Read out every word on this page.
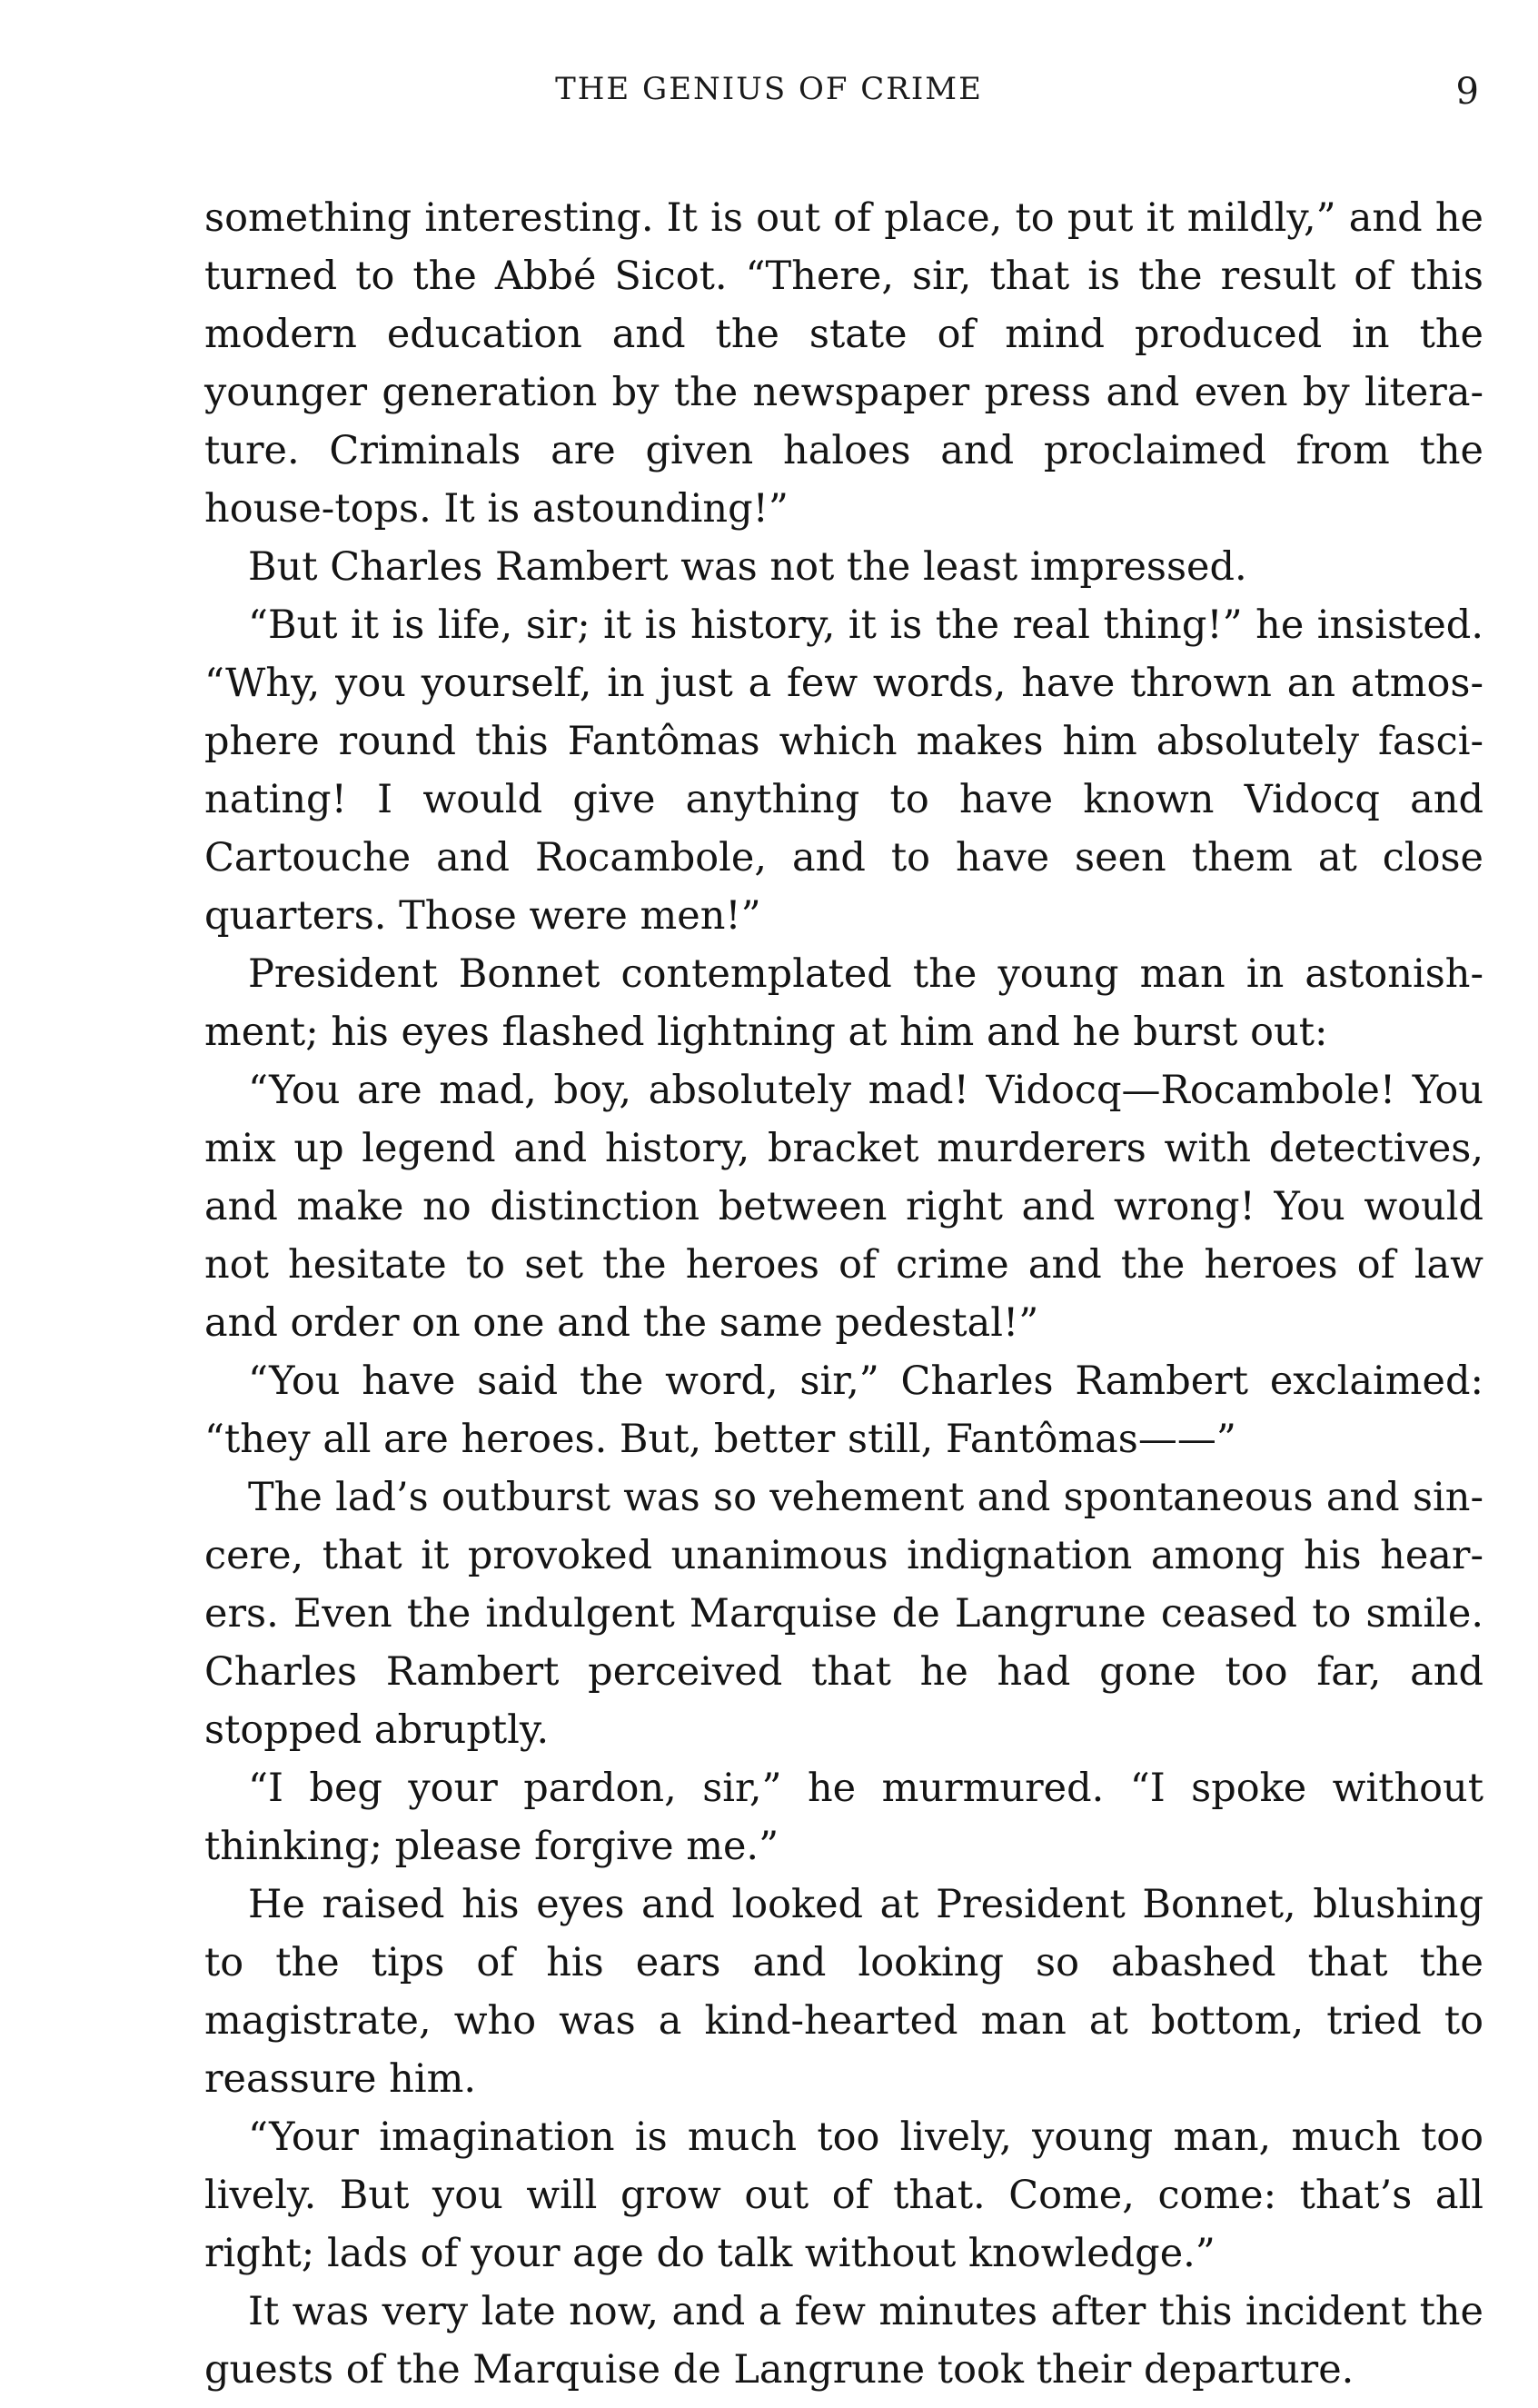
THE GENIUS OF CRIME	9

something interesting. It is out of place, to put it mildly,” and he turned to the Abbé Sicot. “There, sir, that is the result of this modern education and the state of mind produced in the younger generation by the newspaper press and even by literature. Criminals are given haloes and proclaimed from the house-tops. It is astounding!”

But Charles Rambert was not the least impressed.

“But it is life, sir; it is history, it is the real thing!” he insisted. “Why, you yourself, in just a few words, have thrown an atmosphere round this Fantômas which makes him absolutely fascinating! I would give anything to have known Vidocq and Cartouche and Rocambole, and to have seen them at close quarters. Those were men!”

President Bonnet contemplated the young man in astonishment; his eyes flashed lightning at him and he burst out:

“You are mad, boy, absolutely mad! Vidocq—Rocambole! You mix up legend and history, bracket murderers with detectives, and make no distinction between right and wrong! You would not hesitate to set the heroes of crime and the heroes of law and order on one and the same pedestal!”

“You have said the word, sir,” Charles Rambert exclaimed: “they all are heroes. But, better still, Fantômas——”

The lad’s outburst was so vehement and spontaneous and sincere, that it provoked unanimous indignation among his hearers. Even the indulgent Marquise de Langrune ceased to smile. Charles Rambert perceived that he had gone too far, and stopped abruptly.

“I beg your pardon, sir,” he murmured. “I spoke without thinking; please forgive me.”

He raised his eyes and looked at President Bonnet, blushing to the tips of his ears and looking so abashed that the magistrate, who was a kind-hearted man at bottom, tried to reassure him.

“Your imagination is much too lively, young man, much too lively. But you will grow out of that. Come, come: that’s all right; lads of your age do talk without knowledge.”

It was very late now, and a few minutes after this incident the guests of the Marquise de Langrune took their departure.
